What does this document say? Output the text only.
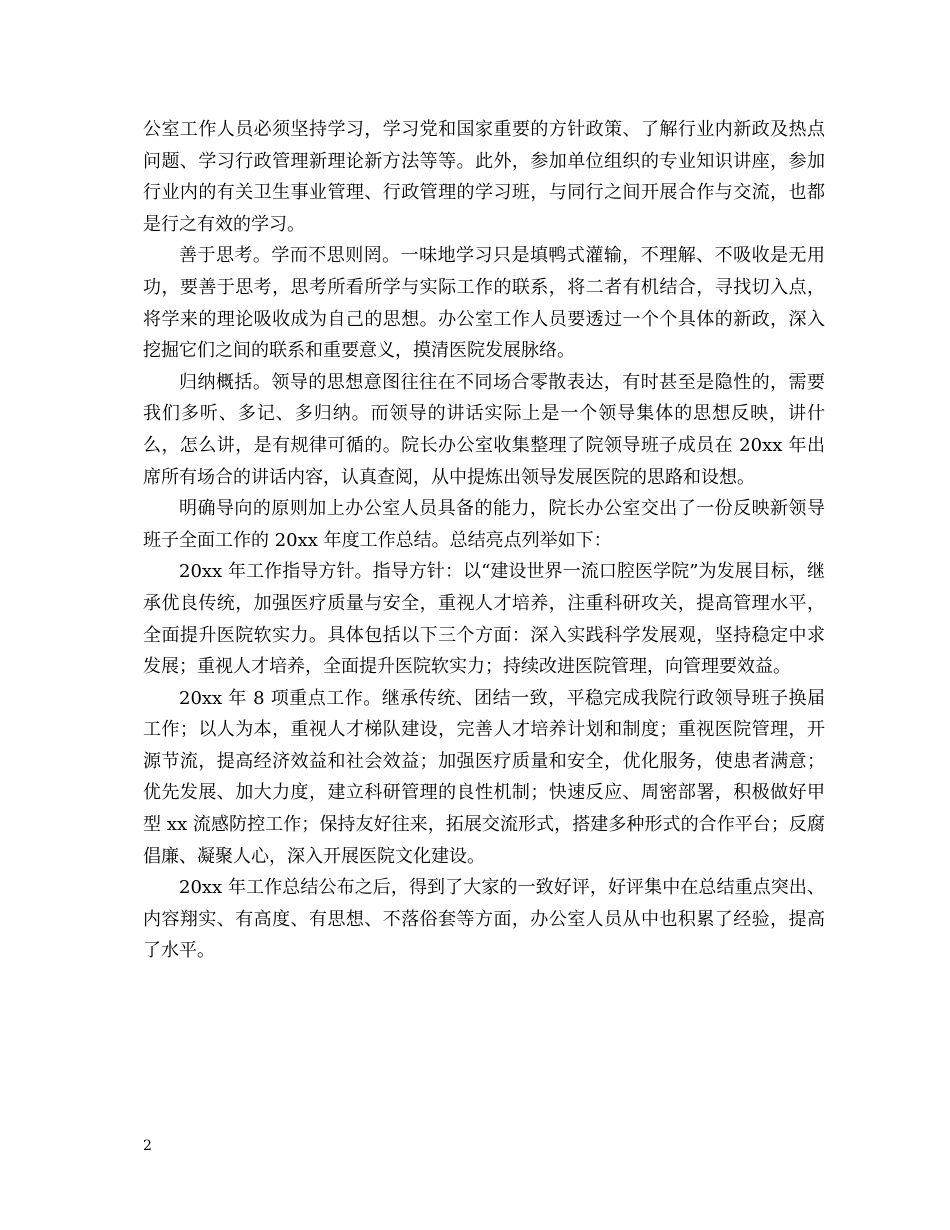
公室工作人员必须坚持学习，学习党和国家重要的方针政策、了解行业内新政及热点问题、学习行政管理新理论新方法等等。此外，参加单位组织的专业知识讲座，参加行业内的有关卫生事业管理、行政管理的学习班，与同行之间开展合作与交流，也都是行之有效的学习。

善于思考。学而不思则罔。一味地学习只是填鸭式灌输，不理解、不吸收是无用功，要善于思考，思考所看所学与实际工作的联系，将二者有机结合，寻找切入点，将学来的理论吸收成为自己的思想。办公室工作人员要透过一个个具体的新政，深入挖掘它们之间的联系和重要意义，摸清医院发展脉络。

归纳概括。领导的思想意图往往在不同场合零散表达，有时甚至是隐性的，需要我们多听、多记、多归纳。而领导的讲话实际上是一个领导集体的思想反映，讲什么，怎么讲，是有规律可循的。院长办公室收集整理了院领导班子成员在 20xx 年出席所有场合的讲话内容，认真查阅，从中提炼出领导发展医院的思路和设想。

明确导向的原则加上办公室人员具备的能力，院长办公室交出了一份反映新领导班子全面工作的 20xx 年度工作总结。总结亮点列举如下：

20xx 年工作指导方针。指导方针：以“建设世界一流口腔医学院”为发展目标，继承优良传统，加强医疗质量与安全，重视人才培养，注重科研攻关，提高管理水平，全面提升医院软实力。具体包括以下三个方面：深入实践科学发展观，坚持稳定中求发展；重视人才培养，全面提升医院软实力；持续改进医院管理，向管理要效益。

20xx 年 8 项重点工作。继承传统、团结一致，平稳完成我院行政领导班子换届工作；以人为本，重视人才梯队建设，完善人才培养计划和制度；重视医院管理，开源节流，提高经济效益和社会效益；加强医疗质量和安全，优化服务，使患者满意；优先发展、加大力度，建立科研管理的良性机制；快速反应、周密部署，积极做好甲型 xx 流感防控工作；保持友好往来，拓展交流形式，搭建多种形式的合作平台；反腐倡廉、凝聚人心，深入开展医院文化建设。

20xx 年工作总结公布之后，得到了大家的一致好评，好评集中在总结重点突出、内容翔实、有高度、有思想、不落俗套等方面，办公室人员从中也积累了经验，提高了水平。

2
